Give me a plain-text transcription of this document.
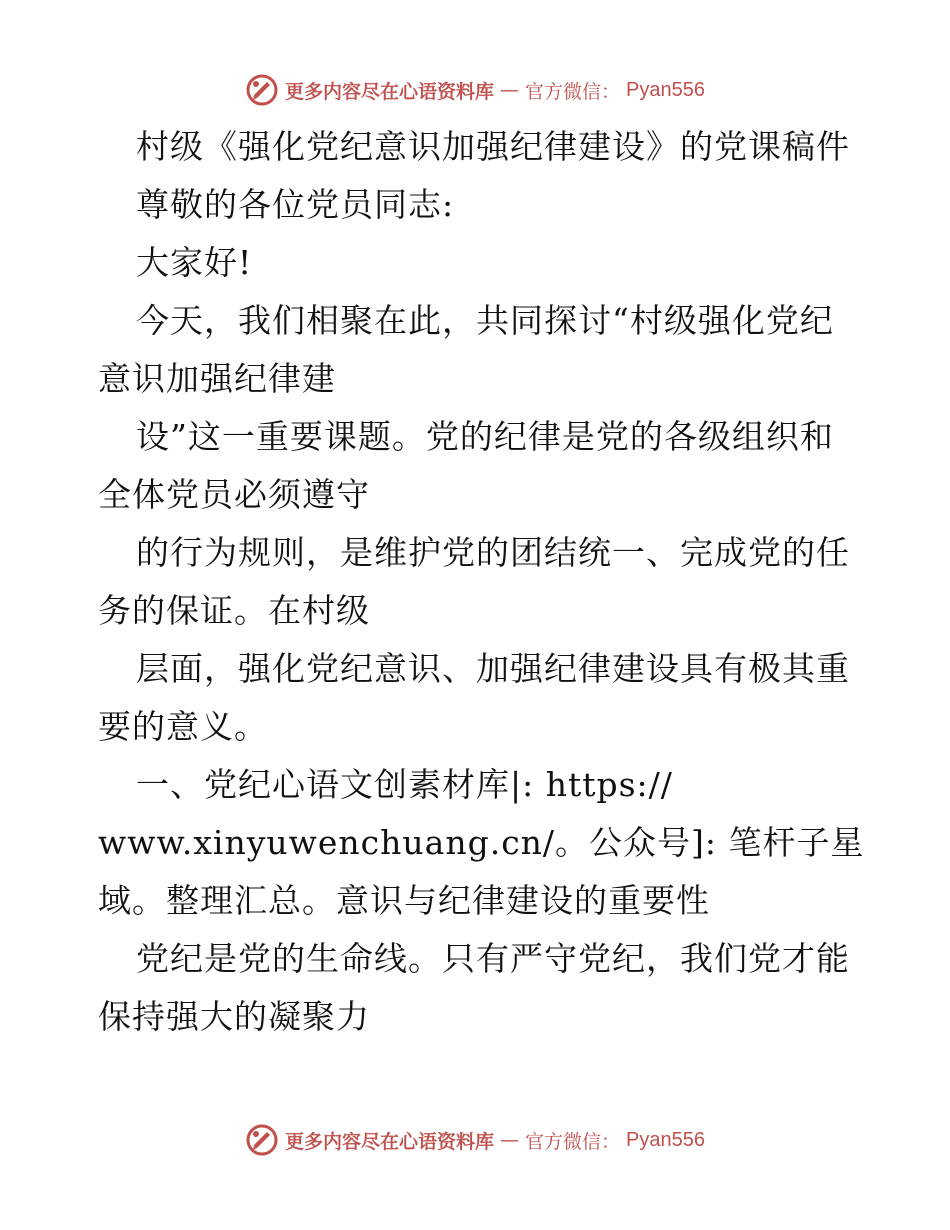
更多内容尽在心语资料库 — 官方微信： Pyan556
村级《强化党纪意识加强纪律建设》的党课稿件
尊敬的各位党员同志:
大家好!
今天，我们相聚在此，共同探讨“村级强化党纪
意识加强纪律建
设”这一重要课题。党的纪律是党的各级组织和
全体党员必须遵守
的行为规则，是维护党的团结统一、完成党的任
务的保证。在村级
层面，强化党纪意识、加强纪律建设具有极其重
要的意义。
一、党纪心语文创素材库|: https://
www.xinyuwenchuang.cn/。公众号]: 笔杆子星
域。整理汇总。意识与纪律建设的重要性
党纪是党的生命线。只有严守党纪，我们党才能
保持强大的凝聚力
更多内容尽在心语资料库 — 官方微信： Pyan556
